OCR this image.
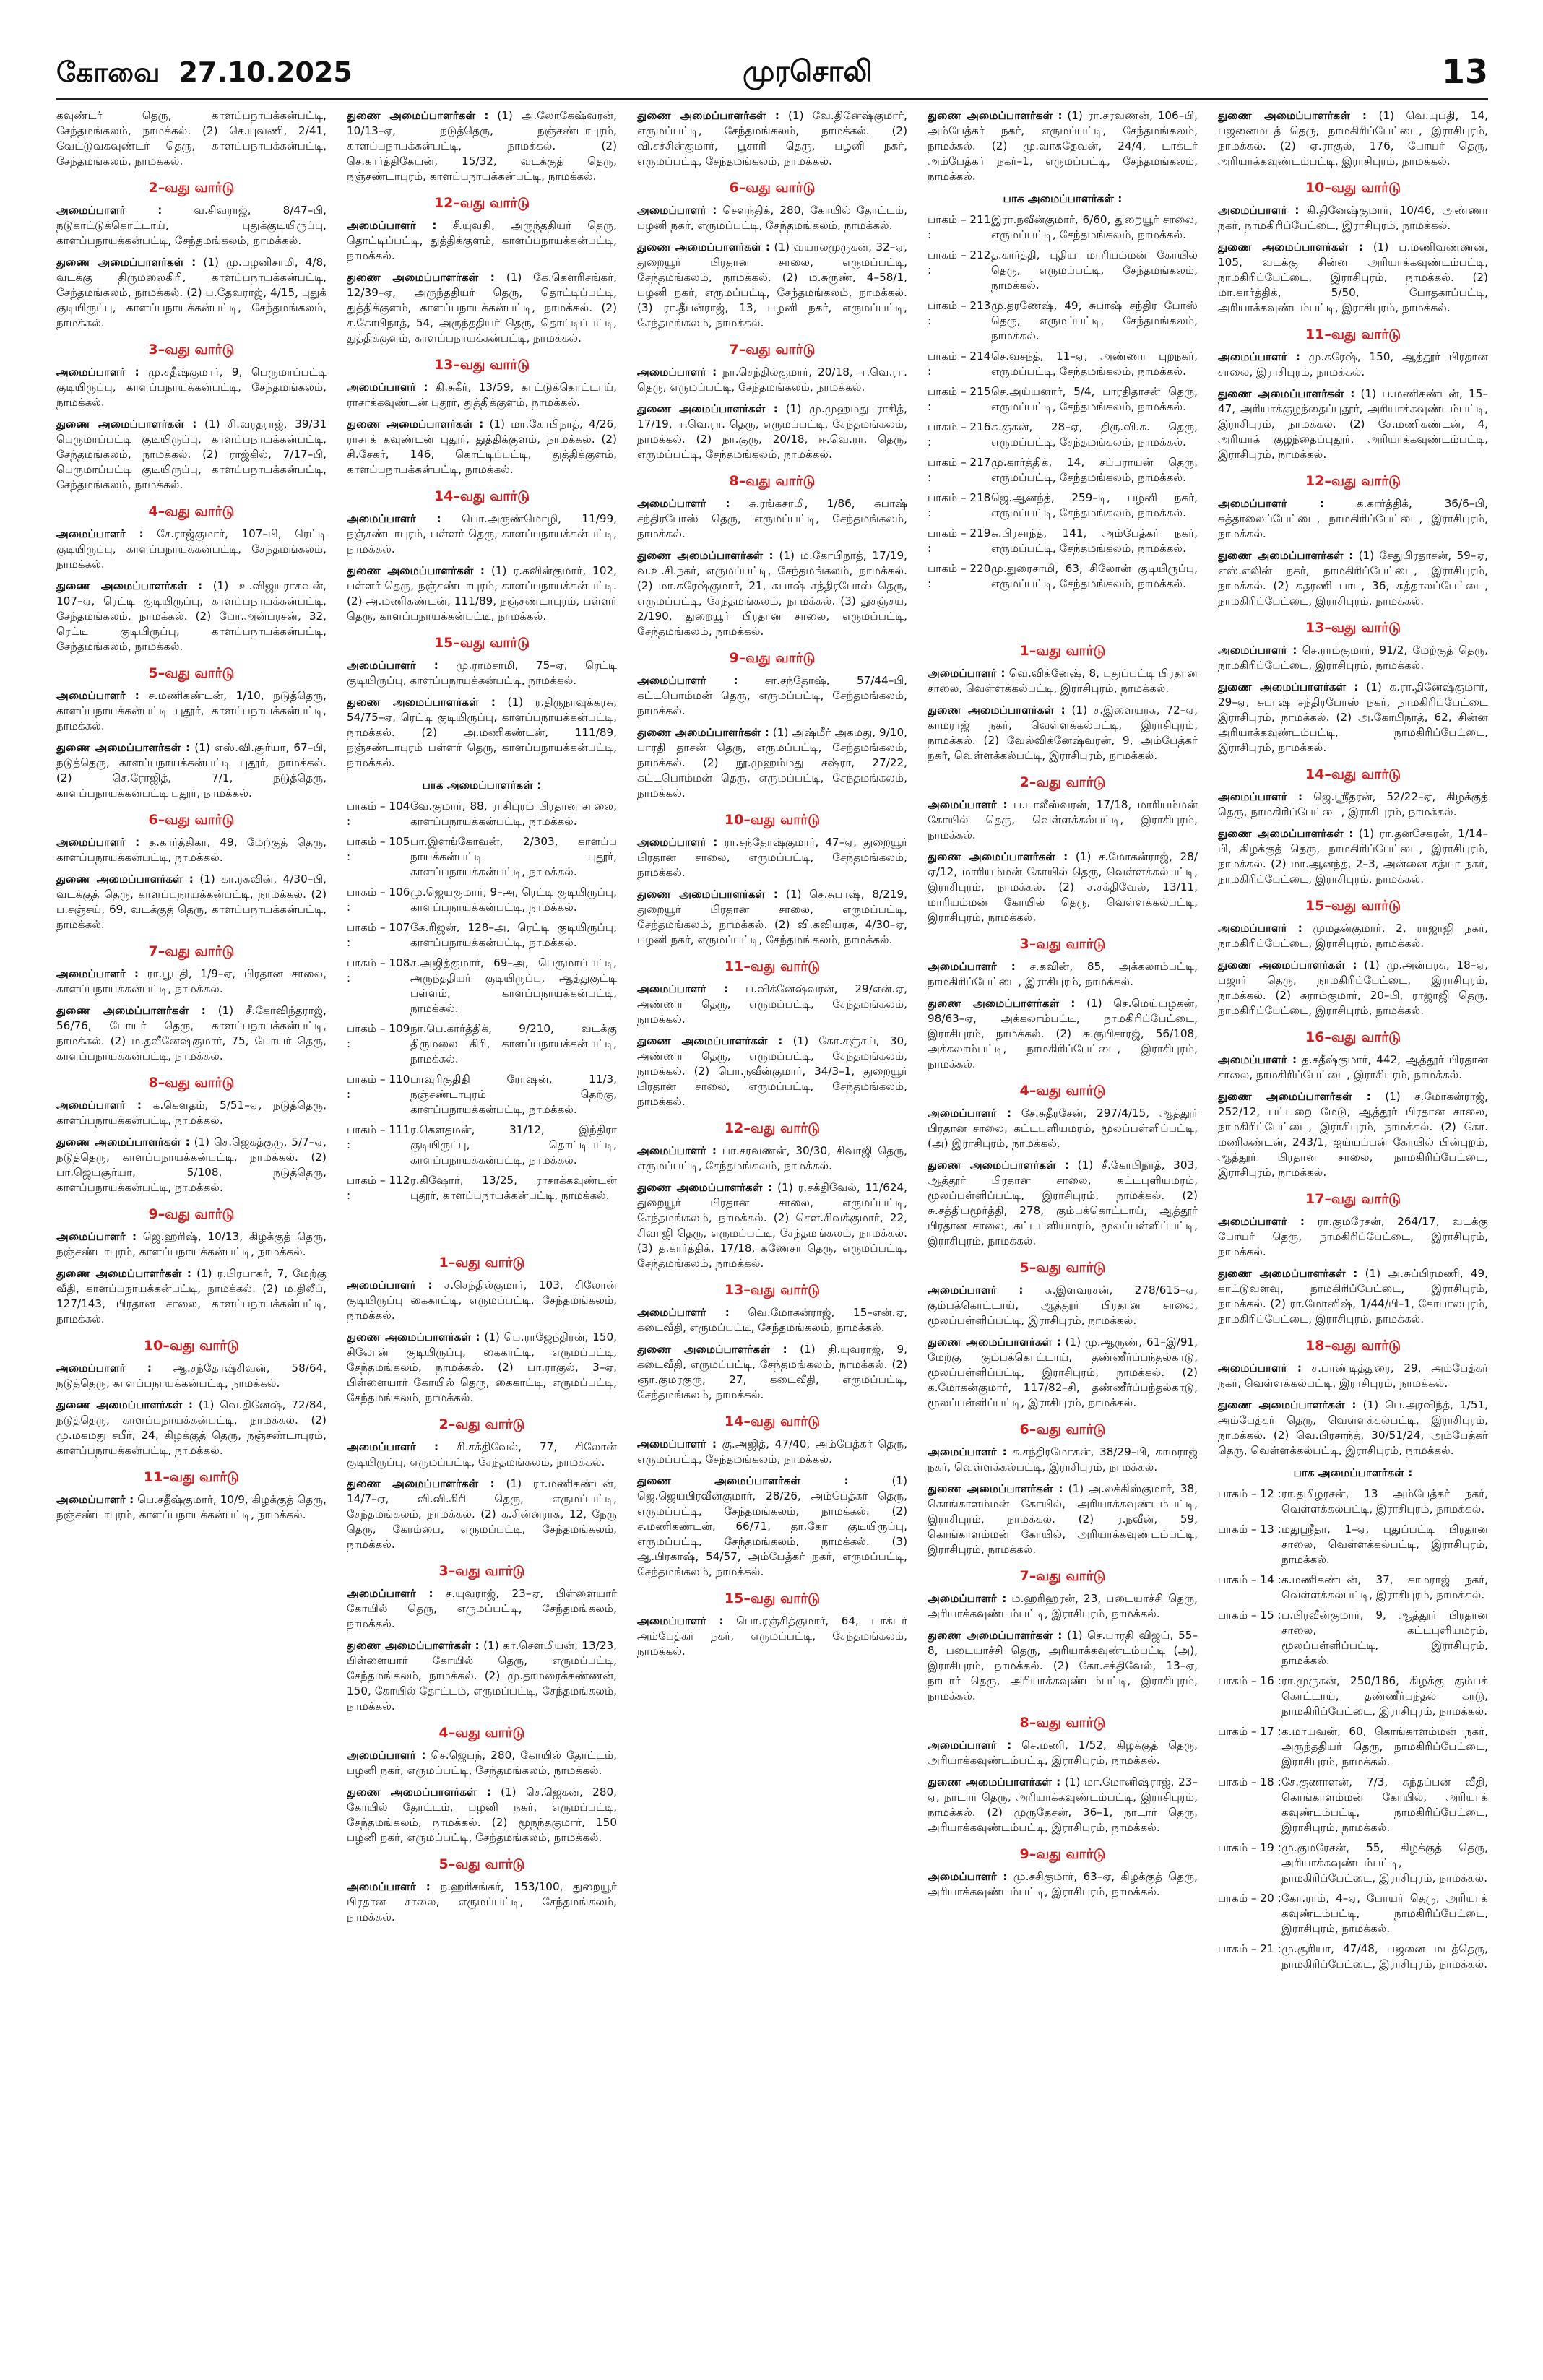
கோவை 27.10.2025	முரசொலி	13

கவுண்டர் தெரு, காளப்பநாயக்கன்பட்டி, சேந்தமங்கலம், நாமக்கல். (2) செ.யுவணி, 2/41, வேட்டுவகவுண்டர் தெரு, காளப்பநாயக்கன்பட்டி, சேந்தமங்கலம், நாமக்கல்.

2–வது வார்டு

அமைப்பாளர் :	வ.சிவராஜ், 8/47–பி, நடுகாட்டுக்கொட்டாய், புதுக்குடியிருப்பு, காளப்பநாயக்கன்பட்டி, சேந்தமங்கலம், நாமக்கல்.

துணை அமைப்பாளர்கள் : (1) மு.பழனிசாமி, 4/8, வடக்கு திருமலைகிரி, காளப்பநாயக்கன்பட்டி, சேந்தமங்கலம், நாமக்கல். (2) ப.தேவராஜ், 4/15, புதுக் குடியிருப்பு, காளப்பநாயக்கன்பட்டி, சேந்தமங்கலம், நாமக்கல்.

3–வது வார்டு

அமைப்பாளர் : மு.சதீஷ்குமார், 9, பெருமாப்பட்டி குடியிருப்பு, காளப்பநாயக்கன்பட்டி, சேந்தமங்கலம், நாமக்கல்.

துணை அமைப்பாளர்கள் : (1) சி.வரதராஜ், 39/31 பெருமாப்பட்டி குடியிருப்பு, காளப்பநாயக்கன்பட்டி, சேந்தமங்கலம், நாமக்கல். (2) ராஜ்கில், 7/17–பி, பெருமாப்பட்டி குடியிருப்பு, காளப்பநாயக்கன்பட்டி, சேந்தமங்கலம், நாமக்கல்.

4–வது வார்டு

அமைப்பாளர் : சே.ராஜ்குமார், 107–பி, ரெட்டி குடியிருப்பு, காளப்பநாயக்கன்பட்டி, சேந்தமங்கலம், நாமக்கல்.

துணை அமைப்பாளர்கள் : (1) உ.விஜயராகவன், 107–ஏ, ரெட்டி குடியிருப்பு, காளப்பநாயக்கன்பட்டி, சேந்தமங்கலம், நாமக்கல். (2) போ.அன்பரசன், 32, ரெட்டி குடியிருப்பு, காளப்பநாயக்கன்பட்டி, சேந்தமங்கலம், நாமக்கல்.

5–வது வார்டு

அமைப்பாளர் : ச.மணிகண்டன், 1/10, நடுத்தெரு, காளப்பநாயக்கன்பட்டி புதூர், காளப்பநாயக்கன்பட்டி, நாமக்கல்.

துணை அமைப்பாளர்கள் : (1) எஸ்.வி.சூர்யா, 67–பி, நடுத்தெரு, காளப்பநாயக்கன்பட்டி புதூர், நாமக்கல். (2) செ.ரோஜித், 7/1, நடுத்தெரு, காளப்பநாயக்கன்பட்டி புதூர், நாமக்கல்.

6–வது வார்டு

அமைப்பாளர் : த.கார்த்திகா, 49, மேற்குத் தெரு, காளப்பநாயக்கன்பட்டி, நாமக்கல்.

துணை அமைப்பாளர்கள் : (1) கா.ரகவின், 4/30–பி, வடக்குத் தெரு, காளப்பநாயக்கன்பட்டி, நாமக்கல். (2) ப.சஞ்சய், 69, வடக்குத் தெரு, காளப்பநாயக்கன்பட்டி, நாமக்கல்.

7–வது வார்டு

அமைப்பாளர் : ரா.பூபதி, 1/9–ஏ, பிரதான சாலை, காளப்பநாயக்கன்பட்டி, நாமக்கல்.

துணை அமைப்பாளர்கள் : (1) சீ.கோவிந்தராஜ், 56/76, போயர் தெரு, காளப்பநாயக்கன்பட்டி, நாமக்கல். (2) ம.தவீனேஷ்குமார், 75, போயர் தெரு, காளப்பநாயக்கன்பட்டி, நாமக்கல்.

8–வது வார்டு

அமைப்பாளர் : க.கௌதம், 5/51–ஏ, நடுத்தெரு, காளப்பநாயக்கன்பட்டி, நாமக்கல்.

துணை அமைப்பாளர்கள் : (1) செ.ஜெகத்குரு, 5/7–ஏ, நடுத்தெரு, காளப்பநாயக்கன்பட்டி, நாமக்கல். (2) பா.ஜெயசூர்யா, 5/108, நடுத்தெரு, காளப்பநாயக்கன்பட்டி, நாமக்கல்.

9–வது வார்டு

அமைப்பாளர் : ஜெ.ஹரிஷ், 10/13, கிழக்குத் தெரு, நஞ்சண்டாபுரம், காளப்பநாயக்கன்பட்டி, நாமக்கல்.

துணை அமைப்பாளர்கள் : (1) ர.பிரபாகர், 7, மேற்கு வீதி, காளப்பநாயக்கன்பட்டி, நாமக்கல். (2) ம.திலீப், 127/143, பிரதான சாலை, காளப்பநாயக்கன்பட்டி, நாமக்கல்.

10–வது வார்டு

அமைப்பாளர் : ஆ.சந்தோஷ்சிவன், 58/64, நடுத்தெரு, காளப்பநாயக்கன்பட்டி, நாமக்கல்.

துணை அமைப்பாளர்கள் : (1) வெ.தினேஷ், 72/84, நடுத்தெரு, காளப்பநாயக்கன்பட்டி, நாமக்கல். (2) மு.மகமது சபீர், 24, கிழக்குத் தெரு, நஞ்சண்டாபுரம், காளப்பநாயக்கன்பட்டி, நாமக்கல்.

11–வது வார்டு

அமைப்பாளர் : பெ.சதீஷ்குமார், 10/9, கிழக்குத் தெரு, நஞ்சண்டாபுரம், காளப்பநாயக்கன்பட்டி, நாமக்கல்.

துணை அமைப்பாளர்கள் : (1) அ.லோகேஷ்வரன், 10/13–ஏ, நடுத்தெரு, நஞ்சண்டாபுரம், காளப்பநாயக்கன்பட்டி, நாமக்கல். (2) செ.கார்த்திகேயன், 15/32, வடக்குத் தெரு, நஞ்சண்டாபுரம், காளப்பநாயக்கன்பட்டி, நாமக்கல்.

12–வது வார்டு

அமைப்பாளர் : சீ.யுவதி, அருந்ததியர் தெரு, தொட்டிப்பட்டி, துத்திக்குளம், காளப்பநாயக்கன்பட்டி, நாமக்கல்.

துணை அமைப்பாளர்கள் : (1) கே.கௌரிசங்கர், 12/39–ஏ, அருந்ததியர் தெரு, தொட்டிப்பட்டி, துத்திக்குளம், காளப்பநாயக்கன்பட்டி, நாமக்கல். (2) ச.கோபிநாத், 54, அருந்ததியர் தெரு, தொட்டிப்பட்டி, துத்திக்குளம், காளப்பநாயக்கன்பட்டி, நாமக்கல்.

13–வது வார்டு

அமைப்பாளர் : கி.சுகீர், 13/59, காட்டுக்கொட்டாய், ராசாக்கவுண்டன் புதூர், துத்திக்குளம், நாமக்கல்.

துணை அமைப்பாளர்கள் : (1) மா.கோபிநாத், 4/26, ராசாக் கவுண்டன் புதூர், துத்திக்குளம், நாமக்கல். (2) சி.சேகர், 146, கொட்டிப்பட்டி, துத்திக்குளம், காளப்பநாயக்கன்பட்டி, நாமக்கல்.

14–வது வார்டு

அமைப்பாளர் : பொ.அருண்மொழி, 11/99, நஞ்சண்டாபுரம், பள்ளர் தெரு, காளப்பநாயக்கன்பட்டி, நாமக்கல்.

துணை அமைப்பாளர்கள் : (1) ர.கவின்குமார், 102, பள்ளர் தெரு, நஞ்சண்டாபுரம், காளப்பநாயக்கன்பட்டி. (2) அ.மணிகண்டன், 111/89, நஞ்சண்டாபுரம், பள்ளர் தெரு, காளப்பநாயக்கன்பட்டி, நாமக்கல்.

15–வது வார்டு

அமைப்பாளர் : மு.ராமசாமி, 75–ஏ, ரெட்டி குடியிருப்பு, காளப்பநாயக்கன்பட்டி, நாமக்கல்.

துணை அமைப்பாளர்கள் : (1) ர.திருநாவுக்கரசு, 54/75–ஏ, ரெட்டி குடியிருப்பு, காளப்பநாயக்கன்பட்டி, நாமக்கல். (2) அ.மணிகண்டன், 111/89, நஞ்சண்டாபுரம் பள்ளர் தெரு, காளப்பநாயக்கன்பட்டி, நாமக்கல்.

பாக அமைப்பாளர்கள் :
பாகம் – 104 :
வே.குமார், 88, ராசிபுரம் பிரதான சாலை, காளப்பநாயக்கன்பட்டி, நாமக்கல்.
பாகம் – 105 :
பா.இளங்கோவன், 2/303, காளப்ப நாயக்கன்பட்டி புதூர், காளப்பநாயக்கன்பட்டி, நாமக்கல்.
பாகம் – 106 :
மு.ஜெயகுமார், 9–அ, ரெட்டி குடியிருப்பு, காளப்பநாயக்கன்பட்டி, நாமக்கல்.
பாகம் – 107 :
கே.ரிஜன், 128–அ, ரெட்டி குடியிருப்பு, காளப்பநாயக்கன்பட்டி, நாமக்கல்.
பாகம் – 108 :
ச.அஜித்குமார், 69–அ, பெருமாப்பட்டி, அருந்ததியர் குடியிருப்பு, ஆத்துகுட்டி பள்ளம், காளப்பநாயக்கன்பட்டி, நாமக்கல்.
பாகம் – 109 :
நா.பெ.கார்த்திக், 9/210, வடக்கு திருமலை கிரி, காளப்பநாயக்கன்பட்டி, நாமக்கல்.
பாகம் – 110 :
பாவுரிகுதிதி ரோஷன், 11/3, நஞ்சண்டாபுரம் தெற்கு, காளப்பநாயக்கன்பட்டி, நாமக்கல்.
பாகம் – 111 :
ர.கௌதமன், 31/12, இந்திரா குடியிருப்பு, தொட்டிபட்டி, காளப்பநாயக்கன்பட்டி, நாமக்கல்.
பாகம் – 112 :
ர.கிஷோர், 13/25, ராசாக்கவுண்டன் புதூர், காளப்பநாயக்கன்பட்டி, நாமக்கல்.
1–வது வார்டு

அமைப்பாளர் : ச.செந்தில்குமார், 103, சிலோன் குடியிருப்பு கைகாட்டி, எருமப்பட்டி, சேந்தமங்கலம், நாமக்கல்.

துணை அமைப்பாளர்கள் : (1) பெ.ராஜேந்திரன், 150, சிலோன் குடியிருப்பு, கைகாட்டி, எருமப்பட்டி, சேந்தமங்கலம், நாமக்கல். (2) பா.ராகுல், 3–ஏ, பிள்ளையார் கோயில் தெரு, கைகாட்டி, எருமப்பட்டி, சேந்தமங்கலம், நாமக்கல்.

2–வது வார்டு

அமைப்பாளர் : சி.சக்திவேல், 77, சிலோன் குடியிருப்பு, எருமப்பட்டி, சேந்தமங்கலம், நாமக்கல்.

துணை அமைப்பாளர்கள் : (1) ரா.மணிகண்டன், 14/7–ஏ, வி.வி.கிரி தெரு, எருமப்பட்டி, சேந்தமங்கலம், நாமக்கல். (2) க.சின்னராசு, 12, நேரு தெரு, கோம்பை, எருமப்பட்டி, சேந்தமங்கலம், நாமக்கல்.

3–வது வார்டு

அமைப்பாளர் : ச.யுவராஜ், 23–ஏ, பிள்ளையார் கோயில் தெரு, எருமப்பட்டி, சேந்தமங்கலம், நாமக்கல்.

துணை அமைப்பாளர்கள் : (1) கா.சௌமியன், 13/23, பிள்ளையார் கோயில் தெரு, எருமப்பட்டி, சேந்தமங்கலம், நாமக்கல். (2) மு.தாமரைக்கண்ணன், 150, கோயில் தோட்டம், எருமப்பட்டி, சேந்தமங்கலம், நாமக்கல்.

4–வது வார்டு

அமைப்பாளர் : செ.ஜெபந், 280, கோயில் தோட்டம், பழனி நகர், எருமப்பட்டி, சேந்தமங்கலம், நாமக்கல்.

துணை அமைப்பாளர்கள் : (1) செ.ஜெகன், 280, கோயில் தோட்டம், பழனி நகர், எருமப்பட்டி, சேந்தமங்கலம், நாமக்கல். (2) மூநந்தகுமார், 150 பழனி நகர், எருமப்பட்டி, சேந்தமங்கலம், நாமக்கல்.

5–வது வார்டு

அமைப்பாளர் : ந.ஹரிசங்கர், 153/100, துறையூர் பிரதான சாலை, எருமப்பட்டி, சேந்தமங்கலம், நாமக்கல்.

துணை அமைப்பாளர்கள் : (1) வே.தினேஷ்குமார், எருமப்பட்டி, சேந்தமங்கலம், நாமக்கல். (2) வி.சச்சின்குமார், பூசாரி தெரு, பழனி நகர், எருமப்பட்டி, சேந்தமங்கலம், நாமக்கல்.

6–வது வார்டு

அமைப்பாளர் : சௌந்திக், 280, கோயில் தோட்டம், பழனி நகர், எருமப்பட்டி, சேந்தமங்கலம், நாமக்கல்.

துணை அமைப்பாளர்கள் : (1) வயாலமுருகன், 32–ஏ, துறையூர் பிரதான சாலை, எருமப்பட்டி, சேந்தமங்கலம், நாமக்கல். (2) ம.சுருண், 4–58/1, பழனி நகர், எருமப்பட்டி, சேந்தமங்கலம், நாமக்கல். (3) ரா.தீபன்ராஜ், 13, பழனி நகர், எருமப்பட்டி, சேந்தமங்கலம், நாமக்கல்.

7–வது வார்டு

அமைப்பாளர் : நா.செந்தில்குமார், 20/18, ஈ.வெ.ரா. தெரு, எருமப்பட்டி, சேந்தமங்கலம், நாமக்கல்.

துணை அமைப்பாளர்கள் : (1) மு.முஹமது ராசித், 17/19, ஈ.வெ.ரா. தெரு, எருமப்பட்டி, சேந்தமங்கலம், நாமக்கல். (2) நா.குரு, 20/18, ஈ.வெ.ரா. தெரு, எருமப்பட்டி, சேந்தமங்கலம், நாமக்கல்.

8–வது வார்டு

அமைப்பாளர் : சு.ரங்கசாமி, 1/86, சுபாஷ் சந்திரபோஸ் தெரு, எருமப்பட்டி, சேந்தமங்கலம், நாமக்கல்.

துணை அமைப்பாளர்கள் : (1) ம.கோபிநாத், 17/19, வ.உ.சி.நகர், எருமப்பட்டி, சேந்தமங்கலம், நாமக்கல். (2) மா.சுரேஷ்குமார், 21, சுபாஷ் சந்திரபோஸ் தெரு, எருமப்பட்டி, சேந்தமங்கலம், நாமக்கல். (3) துசஞ்சய், 2/190, துறையூர் பிரதான சாலை, எருமப்பட்டி, சேந்தமங்கலம், நாமக்கல்.

9–வது வார்டு

அமைப்பாளர் : சா.சந்தோஷ், 57/44–பி, கட்டபொம்மன் தெரு, எருமப்பட்டி, சேந்தமங்கலம், நாமக்கல்.

துணை அமைப்பாளர்கள் : (1) அஷ்மீர் அகமது, 9/10, பாரதி தாசன் தெரு, எருமப்பட்டி, சேந்தமங்கலம், நாமக்கல். (2) நூ.முஹம்மது சஷ்ரா, 27/22, கட்டபொம்மன் தெரு, எருமப்பட்டி, சேந்தமங்கலம், நாமக்கல்.

10–வது வார்டு

அமைப்பாளர் : ரா.சந்தோஷ்குமார், 47–ஏ, துறையூர் பிரதான சாலை, எருமப்பட்டி, சேந்தமங்கலம், நாமக்கல்.

துணை அமைப்பாளர்கள் : (1) செ.சுபாஷ், 8/219, துறையூர் பிரதான சாலை, எருமப்பட்டி, சேந்தமங்கலம், நாமக்கல். (2) வி.கவியரசு, 4/30–ஏ, பழனி நகர், எருமப்பட்டி, சேந்தமங்கலம், நாமக்கல்.

11–வது வார்டு

அமைப்பாளர் : ப.விக்னேஷ்வரன், 29/என்.ஏ, அண்ணா தெரு, எருமப்பட்டி, சேந்தமங்கலம், நாமக்கல்.

துணை அமைப்பாளர்கள் : (1) கோ.சஞ்சய், 30, அண்ணா தெரு, எருமப்பட்டி, சேந்தமங்கலம், நாமக்கல். (2) பொ.நவீன்குமார், 34/3–1, துறையூர் பிரதான சாலை, எருமப்பட்டி, சேந்தமங்கலம், நாமக்கல்.

12–வது வார்டு

அமைப்பாளர் : பா.சரவணன், 30/30, சிவாஜி தெரு, எருமப்பட்டி, சேந்தமங்கலம், நாமக்கல்.

துணை அமைப்பாளர்கள் : (1) ர.சக்திவேல், 11/624, துறையூர் பிரதான சாலை, எருமப்பட்டி, சேந்தமங்கலம், நாமக்கல். (2) சௌ.சிவக்குமார், 22, சிவாஜி தெரு, எருமப்பட்டி, சேந்தமங்கலம், நாமக்கல். (3) த.கார்த்திக், 17/18, கணேசா தெரு, எருமப்பட்டி, சேந்தமங்கலம், நாமக்கல்.

13–வது வார்டு

அமைப்பாளர் : வெ.மோகன்ராஜ், 15–என்.ஏ, கடைவீதி, எருமப்பட்டி, சேந்தமங்கலம், நாமக்கல்.

துணை அமைப்பாளர்கள் : (1) தி.யுவராஜ், 9, கடைவீதி, எருமப்பட்டி, சேந்தமங்கலம், நாமக்கல். (2) ஞா.குமரகுரு, 27, கடைவீதி, எருமப்பட்டி, சேந்தமங்கலம், நாமக்கல்.

14–வது வார்டு

அமைப்பாளர் : கு.அஜித், 47/40, அம்பேத்கர் தெரு, எருமப்பட்டி, சேந்தமங்கலம், நாமக்கல்.

துணை அமைப்பாளர்கள் :	(1) ஜெ.ஜெயபிரவீன்குமார், 28/26, அம்பேத்கர் தெரு, எருமப்பட்டி, சேந்தமங்கலம், நாமக்கல். (2) ச.மணிகண்டன், 66/71, தா.கோ குடியிருப்பு, எருமப்பட்டி, சேந்தமங்கலம், நாமக்கல். (3) ஆ.பிரகாஷ், 54/57, அம்பேத்கர் நகர், எருமப்பட்டி, சேந்தமங்கலம், நாமக்கல்.

15–வது வார்டு

அமைப்பாளர் : பொ.ரஞ்சித்குமார், 64, டாக்டர் அம்பேத்கர் நகர், எருமப்பட்டி, சேந்தமங்கலம், நாமக்கல்.

துணை அமைப்பாளர்கள் : (1) ரா.சரவணன், 106–பி, அம்பேத்கர் நகர், எருமப்பட்டி, சேந்தமங்கலம், நாமக்கல். (2) மு.வாசுதேவன், 24/4, டாக்டர் அம்பேத்கர் நகர்–1, எருமப்பட்டி, சேந்தமங்கலம், நாமக்கல்.

பாக அமைப்பாளர்கள் :
பாகம் – 211 :
இரா.நவீன்குமார், 6/60, துறையூர் சாலை, எருமப்பட்டி, சேந்தமங்கலம், நாமக்கல்.
பாகம் – 212 :
த.கார்த்தி, புதிய மாரியம்மன் கோயில் தெரு, எருமப்பட்டி, சேந்தமங்கலம், நாமக்கல்.
பாகம் – 213 :
மு.தரணேஷ், 49, சுபாஷ் சந்திர போஸ் தெரு, எருமப்பட்டி, சேந்தமங்கலம், நாமக்கல்.
பாகம் – 214 :
செ.வசந்த், 11–ஏ, அண்ணா புறநகர், எருமப்பட்டி, சேந்தமங்கலம், நாமக்கல்.
பாகம் – 215 :
செ.அய்யனார், 5/4, பாரதிதாசன் தெரு, எருமப்பட்டி, சேந்தமங்கலம், நாமக்கல்.
பாகம் – 216 :
சு.குகன், 28–ஏ, திரு.வி.க. தெரு, எருமப்பட்டி, சேந்தமங்கலம், நாமக்கல்.
பாகம் – 217 :
மு.கார்த்திக், 14, சப்பராயன் தெரு, எருமப்பட்டி, சேந்தமங்கலம், நாமக்கல்.
பாகம் – 218 :
ஜெ.ஆனந்த், 259–டி, பழனி நகர், எருமப்பட்டி, சேந்தமங்கலம், நாமக்கல்.
பாகம் – 219 :
சு.பிரசாந்த், 141, அம்பேத்கர் நகர், எருமப்பட்டி, சேந்தமங்கலம், நாமக்கல்.
பாகம் – 220 :
மு.துரைசாமி, 63, சிலோன் குடியிருப்பு, எருமப்பட்டி, சேந்தமங்கலம், நாமக்கல்.
1–வது வார்டு

அமைப்பாளர் : வெ.விக்னேஷ், 8, புதுப்பட்டி பிரதான சாலை, வெள்ளக்கல்பட்டி, இராசிபுரம், நாமக்கல்.

துணை அமைப்பாளர்கள் : (1) ச.இளையரசு, 72–ஏ, காமராஜ் நகர், வெள்ளக்கல்பட்டி, இராசிபுரம், நாமக்கல். (2) வேல்விக்னேஷ்வரன், 9, அம்பேத்கர் நகர், வெள்ளக்கல்பட்டி, இராசிபுரம், நாமக்கல்.

2–வது வார்டு

அமைப்பாளர் : ப.பாலீஸ்வரன், 17/18, மாரியம்மன் கோயில் தெரு, வெள்ளக்கல்பட்டி, இராசிபுரம், நாமக்கல்.

துணை அமைப்பாளர்கள் : (1) ச.மோகன்ராஜ், 28/ஏ/12, மாரியம்மன் கோயில் தெரு, வெள்ளக்கல்பட்டி, இராசிபுரம், நாமக்கல். (2) ச.சக்திவேல், 13/11, மாரியம்மன் கோயில் தெரு, வெள்ளக்கல்பட்டி, இராசிபுரம், நாமக்கல்.

3–வது வார்டு

அமைப்பாளர் : ச.கவின், 85, அக்கலாம்பட்டி, நாமகிரிப்பேட்டை, இராசிபுரம், நாமக்கல்.

துணை அமைப்பாளர்கள் : (1) செ.மெய்யழகன், 98/63–ஏ, அக்கலாம்பட்டி, நாமகிரிப்பேட்டை, இராசிபுரம், நாமக்கல். (2) சு.ரூபிசாரஜ், 56/108, அக்கலாம்பட்டி, நாமகிரிப்பேட்டை, இராசிபுரம், நாமக்கல்.

4–வது வார்டு

அமைப்பாளர் : சே.சுதீரசேன், 297/4/15, ஆத்தூர் பிரதான சாலை, கட்டபுளியமரம், மூலப்பள்ளிப்பட்டி, (அ) இராசிபுரம், நாமக்கல்.

துணை அமைப்பாளர்கள் : (1) சீ.கோபிநாத், 303, ஆத்தூர் பிரதான சாலை, கட்டபுளியமரம், மூலப்பள்ளிப்பட்டி, இராசிபுரம், நாமக்கல். (2) சு.சத்தியமூர்த்தி, 278, கும்பக்கொட்டாய், ஆத்தூர் பிரதான சாலை, கட்டபுளியமரம், மூலப்பள்ளிப்பட்டி, இராசிபுரம், நாமக்கல்.

5–வது வார்டு

அமைப்பாளர் : சு.இளவரசன், 278/615–ஏ, கும்பக்கொட்டாய், ஆத்தூர் பிரதான சாலை, மூலப்பள்ளிப்பட்டி, இராசிபுரம், நாமக்கல்.

துணை அமைப்பாளர்கள் : (1) மு.ஆருண், 61–இ/91, மேற்கு கும்பக்கொட்டாய், தண்ணீர்ப்பந்தல்காடு, மூலப்பள்ளிப்பட்டி, இராசிபுரம், நாமக்கல். (2) க.மோகன்குமார், 117/82–சி, தண்ணீர்ப்பந்தல்காடு, மூலப்பள்ளிப்பட்டி, இராசிபுரம், நாமக்கல்.

6–வது வார்டு

அமைப்பாளர் : க.சந்திரமோகன், 38/29–பி, காமராஜ் நகர், வெள்ளக்கல்பட்டி, இராசிபுரம், நாமக்கல்.

துணை அமைப்பாளர்கள் : (1) அ.லக்கிஸ்குமார், 38, கொங்காளம்மன் கோயில், அரியாக்கவுண்டம்பட்டி, இராசிபுரம், நாமக்கல். (2) ர.நவீன், 59, கொங்காளம்மன் கோயில், அரியாக்கவுண்டம்பட்டி, இராசிபுரம், நாமக்கல்.

7–வது வார்டு

அமைப்பாளர் : ம.ஹரிஹரன், 23, படையாச்சி தெரு, அரியாக்கவுண்டம்பட்டி, இராசிபுரம், நாமக்கல்.

துணை அமைப்பாளர்கள் : (1) செ.பாரதி விஜய், 55–8, படையாச்சி தெரு, அரியாக்கவுண்டம்பட்டி (அ), இராசிபுரம், நாமக்கல். (2) கோ.சக்திவேல், 13–ஏ, நாடார் தெரு, அரியாக்கவுண்டம்பட்டி, இராசிபுரம், நாமக்கல்.

8–வது வார்டு

அமைப்பாளர் : செ.மணி, 1/52, கிழக்குத் தெரு, அரியாக்கவுண்டம்பட்டி, இராசிபுரம், நாமக்கல்.

துணை அமைப்பாளர்கள் : (1) மா.மோனிஷ்ராஜ், 23–ஏ, நாடார் தெரு, அரியாக்கவுண்டம்பட்டி, இராசிபுரம், நாமக்கல். (2) முருதேசன், 36–1, நாடார் தெரு, அரியாக்கவுண்டம்பட்டி, இராசிபுரம், நாமக்கல்.

9–வது வார்டு

அமைப்பாளர் : மு.சசிகுமார், 63–ஏ, கிழக்குத் தெரு, அரியாக்கவுண்டம்பட்டி, இராசிபுரம், நாமக்கல்.

துணை அமைப்பாளர்கள் : (1) வெ.யுபதி, 14, பஜனைமடத் தெரு, நாமகிரிப்பேட்டை, இராசிபுரம், நாமக்கல். (2) ஏ.ராகுல், 176, போயர் தெரு, அரியாக்கவுண்டம்பட்டி, இராசிபுரம், நாமக்கல்.

10–வது வார்டு

அமைப்பாளர் : கி.தினேஷ்குமார், 10/46, அண்ணா நகர், நாமகிரிப்பேட்டை, இராசிபுரம், நாமக்கல்.

துணை அமைப்பாளர்கள் : (1) ப.மணிவண்ணன், 105, வடக்கு சின்ன அரியாக்கவுண்டம்பட்டி, நாமகிரிப்பேட்டை, இராசிபுரம், நாமக்கல். (2) மா.கார்த்திக், 5/50, போதகாப்பட்டி, அரியாக்கவுண்டம்பட்டி, இராசிபுரம், நாமக்கல்.

11–வது வார்டு

அமைப்பாளர் : மு.சுரேஷ், 150, ஆத்தூர் பிரதான சாலை, இராசிபுரம், நாமக்கல்.

துணை அமைப்பாளர்கள் : (1) ப.மணிகண்டன், 15–47, அரியாக்குழந்தைப்புதூர், அரியாக்கவுண்டம்பட்டி, இராசிபுரம், நாமக்கல். (2) சே.மணிகண்டன், 4, அரியாக் குழந்தைப்புதூர், அரியாக்கவுண்டம்பட்டி, இராசிபுரம், நாமக்கல்.

12–வது வார்டு

அமைப்பாளர் :	க.கார்த்திக், 36/6–பி, சுத்தாலைப்பேட்டை, நாமகிரிப்பேட்டை, இராசிபுரம், நாமக்கல்.

துணை அமைப்பாளர்கள் : (1) சேதுபிரதாசன், 59–ஏ, எஸ்.எலின் நகர், நாமகிரிப்பேட்டை, இராசிபுரம், நாமக்கல். (2) சுதரணி பாபு, 36, சுத்தாலப்பேட்டை, நாமகிரிப்பேட்டை, இராசிபுரம், நாமக்கல்.

13–வது வார்டு

அமைப்பாளர் : செ.ராம்குமார், 91/2, மேற்குத் தெரு, நாமகிரிப்பேட்டை, இராசிபுரம், நாமக்கல்.

துணை அமைப்பாளர்கள் : (1) க.ரா.தினேஷ்குமார், 29–ஏ, சுபாஷ் சந்திரபோஸ் நகர், நாமகிரிப்பேட்டை இராசிபுரம், நாமக்கல். (2) அ.கோபிநாத், 62, சின்ன அரியாக்கவுண்டம்பட்டி, நாமகிரிப்பேட்டை, இராசிபுரம், நாமக்கல்.

14–வது வார்டு

அமைப்பாளர் : ஜெ.ஸ்ரீதரன், 52/22–ஏ, கிழக்குத் தெரு, நாமகிரிப்பேட்டை, இராசிபுரம், நாமக்கல்.

துணை அமைப்பாளர்கள் : (1) ரா.தனசேகரன், 1/14–பி, கிழக்குத் தெரு, நாமகிரிப்பேட்டை, இராசிபுரம், நாமக்கல். (2) மா.ஆனந்த், 2–3, அன்னை சத்யா நகர், நாமகிரிப்பேட்டை, இராசிபுரம், நாமக்கல்.

15–வது வார்டு

அமைப்பாளர் : முமதன்குமார், 2, ராஜாஜி நகர், நாமகிரிப்பேட்டை, இராசிபுரம், நாமக்கல்.

துணை அமைப்பாளர்கள் : (1) மு.அன்பரசு, 18–ஏ, பஜார் தெரு, நாமகிரிப்பேட்டை, இராசிபுரம், நாமக்கல். (2) சுராம்குமார், 20–பி, ராஜாஜி தெரு, நாமகிரிப்பேட்டை, இராசிபுரம், நாமக்கல்.

16–வது வார்டு

அமைப்பாளர் : த.சதீஷ்குமார், 442, ஆத்தூர் பிரதான சாலை, நாமகிரிப்பேட்டை, இராசிபுரம், நாமக்கல்.

துணை அமைப்பாளர்கள் : (1) ச.மோகன்ராஜ், 252/12, பட்டறை மேடு, ஆத்தூர் பிரதான சாலை, நாமகிரிப்பேட்டை, இராசிபுரம், நாமக்கல். (2) கோ. மணிகண்டன், 243/1, ஐய்யப்பன் கோயில் பின்புறம், ஆத்தூர் பிரதான சாலை, நாமகிரிப்பேட்டை, இராசிபுரம், நாமக்கல்.

17–வது வார்டு

அமைப்பாளர் : ரா.குமரேசன், 264/17, வடக்கு போயர் தெரு, நாமகிரிப்பேட்டை, இராசிபுரம், நாமக்கல்.

துணை அமைப்பாளர்கள் : (1) அ.சுப்பிரமணி, 49, காட்டுவளவு, நாமகிரிப்பேட்டை, இராசிபுரம், நாமக்கல். (2) ரா.மோனிஷ், 1/44/பி–1, கோபாலபுரம், நாமகிரிப்பேட்டை, இராசிபுரம், நாமக்கல்.

18–வது வார்டு

அமைப்பாளர் : ச.பாண்டித்துரை, 29, அம்பேத்கர் நகர், வெள்ளக்கல்பட்டி, இராசிபுரம், நாமக்கல்.

துணை அமைப்பாளர்கள் : (1) பெ.அரவிந்த், 1/51, அம்பேத்கர் தெரு, வெள்ளக்கல்பட்டி, இராசிபுரம், நாமக்கல். (2) வெ.பிரசாந்த், 30/51/24, அம்பேத்கர் தெரு, வெள்ளக்கல்பட்டி, இராசிபுரம், நாமக்கல்.

பாக அமைப்பாளர்கள் :
பாகம் – 12 : ரா.தமிழரசன், 13 அம்பேத்கர் நகர், வெள்ளக்கல்பட்டி, இராசிபுரம், நாமக்கல்.
பாகம் – 13 : மதுஸ்ரீதா, 1–ஏ, புதுப்பட்டி பிரதான சாலை, வெள்ளக்கல்பட்டி, இராசிபுரம், நாமக்கல்.
பாகம் – 14 : க.மணிகண்டன், 37, காமராஜ் நகர், வெள்ளக்கல்பட்டி, இராசிபுரம், நாமக்கல்.
பாகம் – 15 : ப.பிரவீன்குமார், 9, ஆத்தூர் பிரதான சாலை, கட்டபுளியமரம், மூலப்பள்ளிப்பட்டி, இராசிபுரம், நாமக்கல்.
பாகம் – 16 : ரா.முருகன், 250/186, கிழக்கு கும்பக் கொட்டாய், தண்ணீர்பந்தல் காடு, நாமகிரிப்பேட்டை, இராசிபுரம், நாமக்கல்.
பாகம் – 17 : க.மாயவன், 60, கொங்காளம்மன் நகர், அருந்ததியர் தெரு, நாமகிரிப்பேட்டை, இராசிபுரம், நாமக்கல்.
பாகம் – 18 : சே.குணாளன், 7/3, சுந்தப்பன் வீதி, கொங்காளம்மன் கோயில், அரியாக் கவுண்டம்பட்டி, நாமகிரிப்பேட்டை, இராசிபுரம், நாமக்கல்.
பாகம் – 19 : மு.குமரேசன், 55, கிழக்குத் தெரு, அரியாக்கவுண்டம்பட்டி, நாமகிரிப்பேட்டை, இராசிபுரம், நாமக்கல்.
பாகம் – 20 : கோ.ராம், 4–ஏ, போயர் தெரு, அரியாக் கவுண்டம்பட்டி, நாமகிரிப்பேட்டை, இராசிபுரம், நாமக்கல்.
பாகம் – 21 : மு.சூரியா, 47/48, பஜனை மடத்தெரு, நாமகிரிப்பேட்டை, இராசிபுரம், நாமக்கல்.
